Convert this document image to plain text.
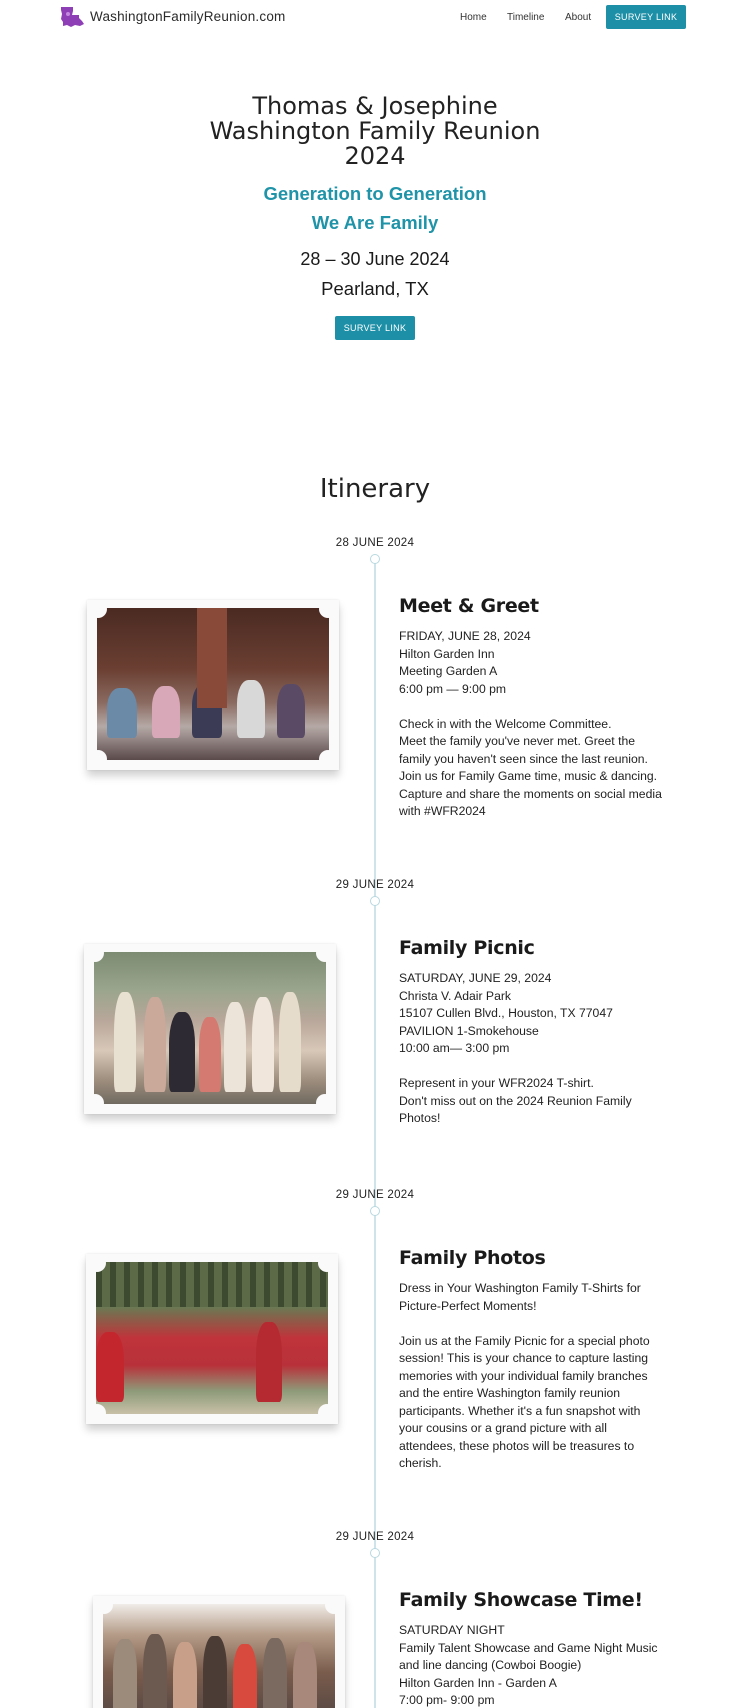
WashingtonFamilyReunion.com	Home Timeline About	SURVEY LINK
Thomas & Josephine
Washington Family Reunion
2024
Generation to Generation
We Are Family
28 – 30 June 2024
Pearland, TX
SURVEY LINK
Itinerary
28 JUNE 2024
Meet & Greet
FRIDAY, JUNE 28, 2024
Hilton Garden Inn
Meeting Garden A
6:00 pm — 9:00 pm
Check in with the Welcome Committee.
Meet the family you've never met. Greet the
family you haven't seen since the last reunion.
Join us for Family Game time, music & dancing.
Capture and share the moments on social media
with #WFR2024
29 JUNE 2024
Family Picnic
SATURDAY, JUNE 29, 2024
Christa V. Adair Park
15107 Cullen Blvd., Houston, TX 77047
PAVILION 1-Smokehouse
10:00 am— 3:00 pm
Represent in your WFR2024 T-shirt.
Don't miss out on the 2024 Reunion Family
Photos!
29 JUNE 2024
Family Photos
Dress in Your Washington Family T-Shirts for
Picture-Perfect Moments!
Join us at the Family Picnic for a special photo
session! This is your chance to capture lasting
memories with your individual family branches
and the entire Washington family reunion
participants. Whether it's a fun snapshot with
your cousins or a grand picture with all
attendees, these photos will be treasures to
cherish.
29 JUNE 2024
Family Showcase Time!
SATURDAY NIGHT
Family Talent Showcase and Game Night Music
and line dancing (Cowboi Boogie)
Hilton Garden Inn - Garden A
7:00 pm- 9:00 pm
